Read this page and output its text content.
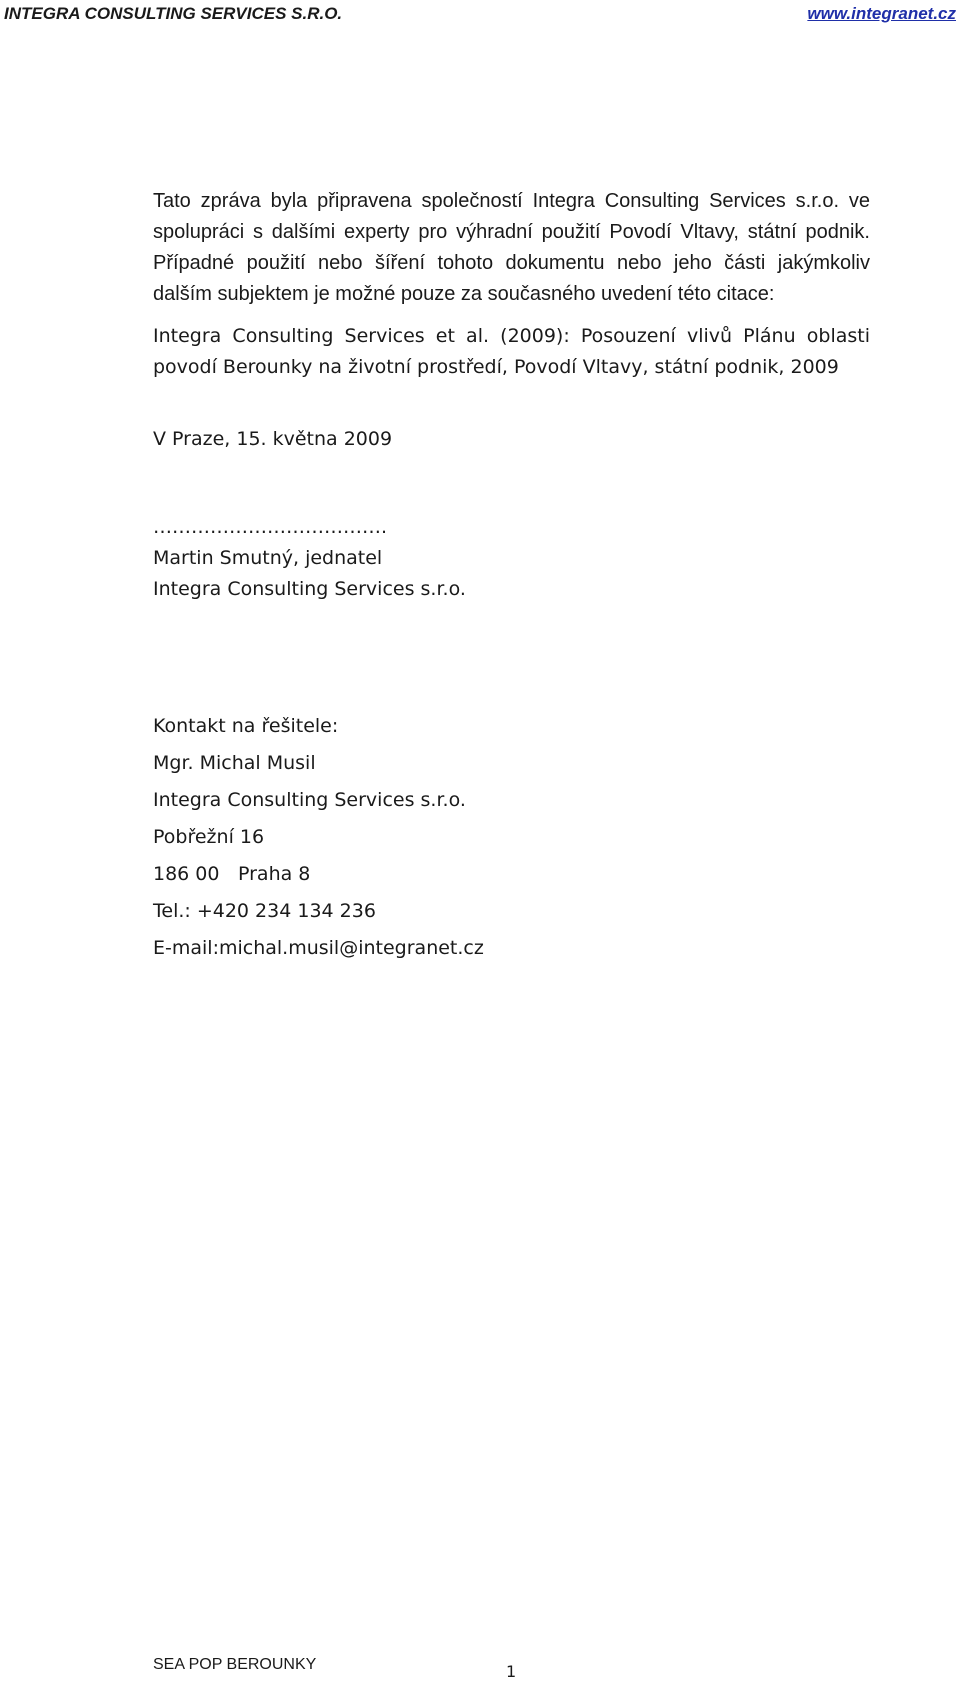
INTEGRA CONSULTING SERVICES S.R.O.	www.integranet.cz

Tato zpráva byla připravena společností Integra Consulting Services s.r.o. ve spolupráci s dalšími experty pro výhradní použití Povodí Vltavy, státní podnik. Případné použití nebo šíření tohoto dokumentu nebo jeho části jakýmkoliv dalším subjektem je možné pouze za současného uvedení této citace:

Integra Consulting Services et al. (2009): Posouzení vlivů Plánu oblasti povodí Berounky na životní prostředí, Povodí Vltavy, státní podnik, 2009

V Praze, 15. května 2009

……………………………….

Martin Smutný, jednatel

Integra Consulting Services s.r.o.

Kontakt na řešitele:

Mgr. Michal Musil

Integra Consulting Services s.r.o.

Pobřežní 16

186 00 Praha 8

Tel.: +420 234 134 236

E-mail:michal.musil@integranet.cz

SEA POP BEROUNKY	1
